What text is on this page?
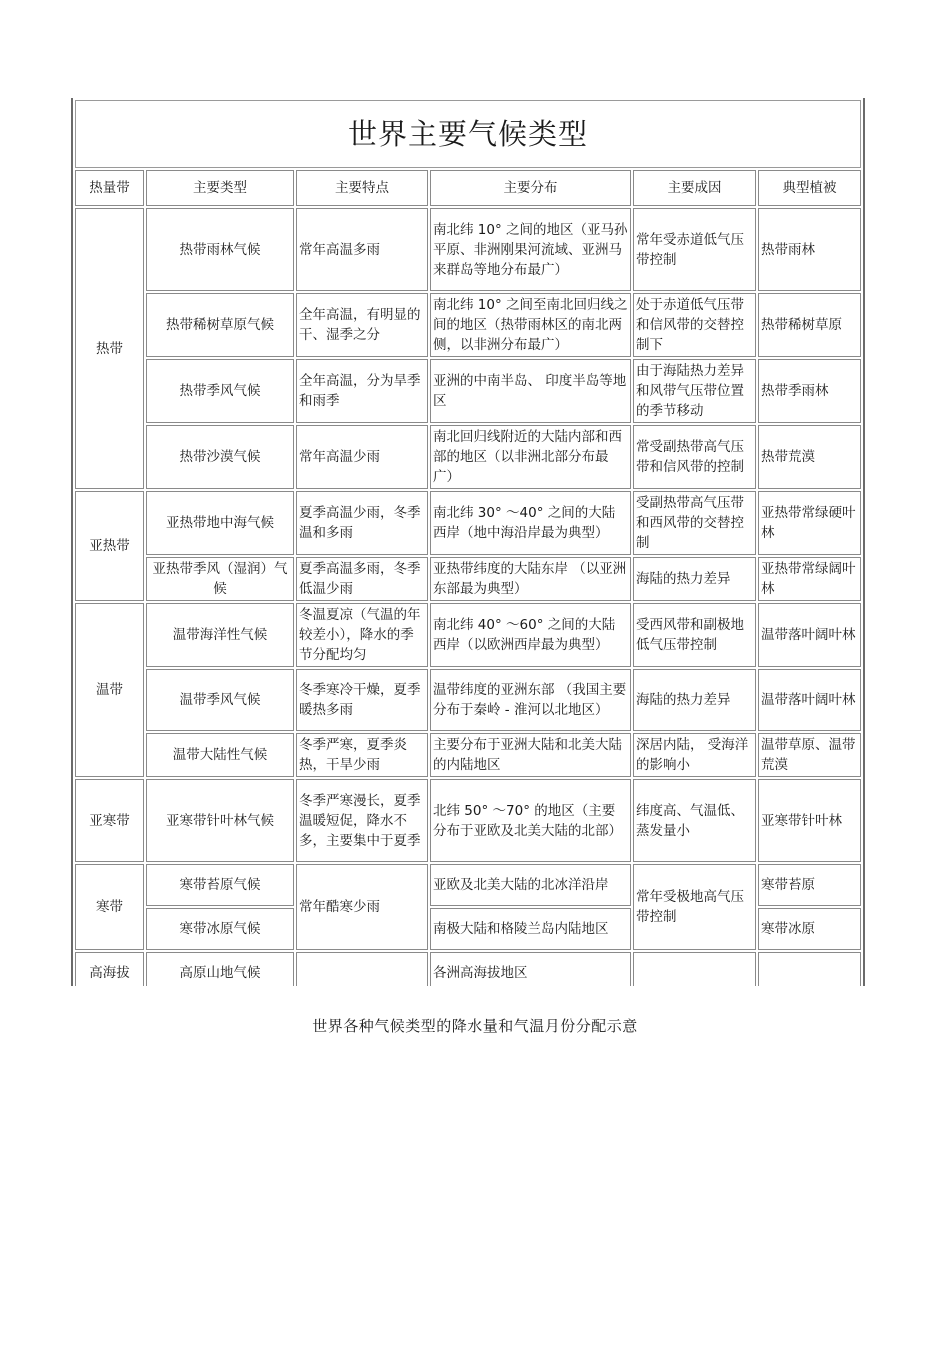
世界主要气候类型					
热量带	主要类型	主要特点	主要分布	主要成因	典型植被
热带	热带雨林气候	常年高温多雨	南北纬 10° 之间的地区（亚马孙平原、非洲刚果河流域、亚洲马来群岛等地分布最广）	常年受赤道低气压带控制	热带雨林
	热带稀树草原气候	全年高温，有明显的干、湿季之分	南北纬 10° 之间至南北回归线之间的地区（热带雨林区的南北两侧，以非洲分布最广）	处于赤道低气压带和信风带的交替控制下	热带稀树草原
	热带季风气候	全年高温，分为旱季和雨季	亚洲的中南半岛、 印度半岛等地区	由于海陆热力差异和风带气压带位置的季节移动	热带季雨林
	热带沙漠气候	常年高温少雨	南北回归线附近的大陆内部和西部的地区（以非洲北部分布最广）	常受副热带高气压带和信风带的控制	热带荒漠
亚热带	亚热带地中海气候	夏季高温少雨，冬季温和多雨	南北纬 30° ～40° 之间的大陆西岸（地中海沿岸最为典型）	受副热带高气压带和西风带的交替控制	亚热带常绿硬叶林
	亚热带季风（湿润）气候	夏季高温多雨，冬季低温少雨	亚热带纬度的大陆东岸 （以亚洲东部最为典型）	海陆的热力差异	亚热带常绿阔叶林
温带	温带海洋性气候	冬温夏凉（气温的年较差小），降水的季节分配均匀	南北纬 40° ～60° 之间的大陆西岸（以欧洲西岸最为典型）	受西风带和副极地低气压带控制	温带落叶阔叶林
	温带季风气候	冬季寒冷干燥，夏季暖热多雨	温带纬度的亚洲东部 （我国主要分布于秦岭 - 淮河以北地区）	海陆的热力差异	温带落叶阔叶林
	温带大陆性气候	冬季严寒，夏季炎热，干旱少雨	主要分布于亚洲大陆和北美大陆的内陆地区	深居内陆， 受海洋的影响小	温带草原、温带荒漠
亚寒带	亚寒带针叶林气候	冬季严寒漫长，夏季温暖短促，降水不多，主要集中于夏季	北纬 50° ～70° 的地区（主要分布于亚欧及北美大陆的北部）	纬度高、气温低、蒸发量小	亚寒带针叶林
寒带	寒带苔原气候	常年酷寒少雨	亚欧及北美大陆的北冰洋沿岸	常年受极地高气压带控制	寒带苔原
	寒带冰原气候		南极大陆和格陵兰岛内陆地区		寒带冰原
高海拔	高原山地气候		各洲高海拔地区		
世界各种气候类型的降水量和气温月份分配示意
